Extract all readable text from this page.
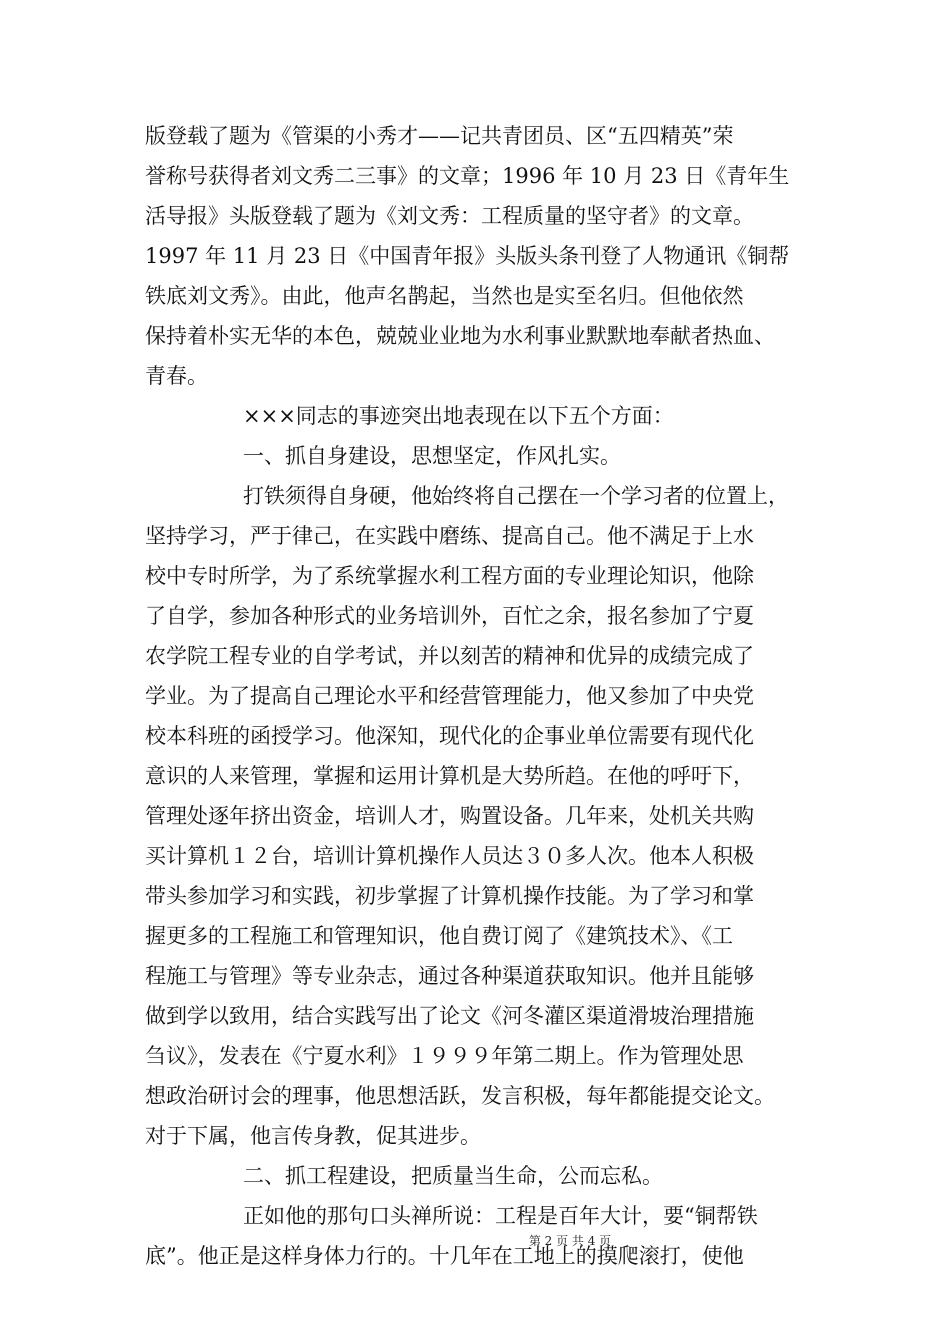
版登载了题为《管渠的小秀才——记共青团员、区“五四精英”荣
誉称号获得者刘文秀二三事》的文章；1996 年 10 月 23 日《青年生
活导报》头版登载了题为《刘文秀：工程质量的坚守者》的文章。
1997 年 11 月 23 日《中国青年报》头版头条刊登了人物通讯《铜帮
铁底刘文秀》。由此，他声名鹊起，当然也是实至名归。但他依然
保持着朴实无华的本色，兢兢业业地为水利事业默默地奉献者热血、
青春。
×××同志的事迹突出地表现在以下五个方面：
一、抓自身建设，思想坚定，作风扎实。
打铁须得自身硬，他始终将自己摆在一个学习者的位置上，
坚持学习，严于律己，在实践中磨练、提高自己。他不满足于上水
校中专时所学，为了系统掌握水利工程方面的专业理论知识，他除
了自学，参加各种形式的业务培训外，百忙之余，报名参加了宁夏
农学院工程专业的自学考试，并以刻苦的精神和优异的成绩完成了
学业。为了提高自己理论水平和经营管理能力，他又参加了中央党
校本科班的函授学习。他深知，现代化的企事业单位需要有现代化
意识的人来管理，掌握和运用计算机是大势所趋。在他的呼吁下，
管理处逐年挤出资金，培训人才，购置设备。几年来，处机关共购
买计算机１２台，培训计算机操作人员达３０多人次。他本人积极
带头参加学习和实践，初步掌握了计算机操作技能。为了学习和掌
握更多的工程施工和管理知识，他自费订阅了《建筑技术》、《工
程施工与管理》等专业杂志，通过各种渠道获取知识。他并且能够
做到学以致用，结合实践写出了论文《河冬灌区渠道滑坡治理措施
刍议》，发表在《宁夏水利》１９９９年第二期上。作为管理处思
想政治研讨会的理事，他思想活跃，发言积极，每年都能提交论文。
对于下属，他言传身教，促其进步。
二、抓工程建设，把质量当生命，公而忘私。
正如他的那句口头禅所说：工程是百年大计，要“铜帮铁
底”。他正是这样身体力行的。十几年在工地上的摸爬滚打，使他
第 2 页 共 4 页
